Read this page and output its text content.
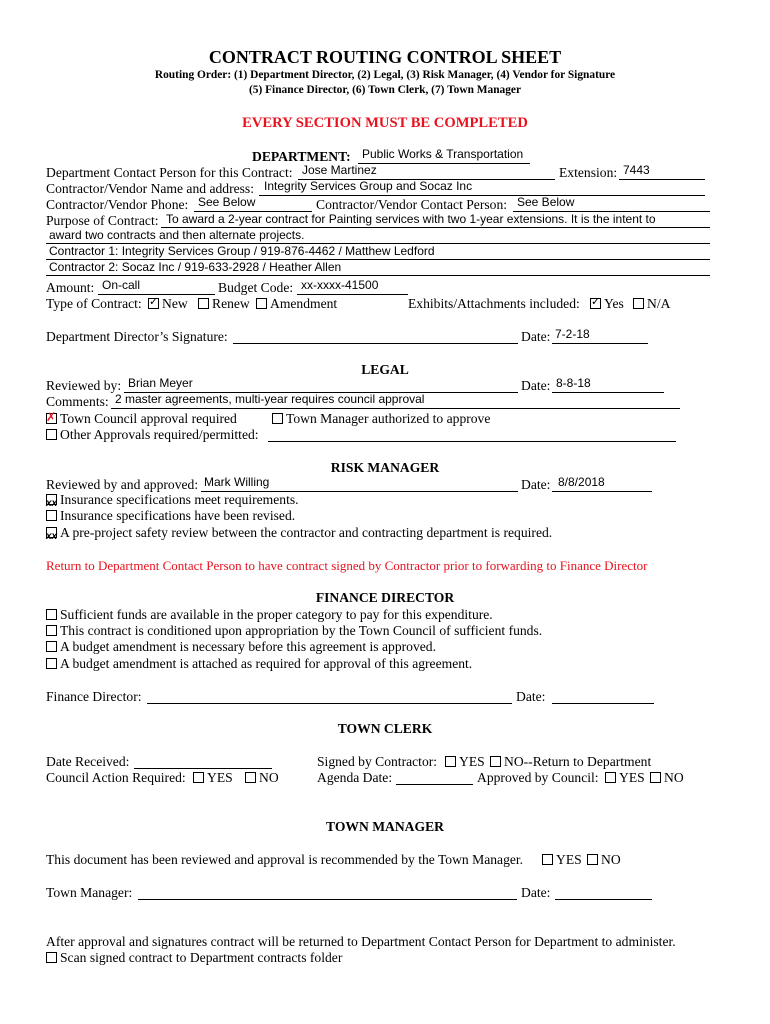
CONTRACT ROUTING CONTROL SHEET
Routing Order: (1) Department Director, (2) Legal, (3) Risk Manager, (4) Vendor for Signature
(5) Finance Director, (6) Town Clerk, (7) Town Manager
EVERY SECTION MUST BE COMPLETED
DEPARTMENT: Public Works & Transportation
Department Contact Person for this Contract: Jose Martinez	Extension: 7443
Contractor/Vendor Name and address: Integrity Services Group and Socaz Inc
Contractor/Vendor Phone: See Below	Contractor/Vendor Contact Person: See Below
Purpose of Contract: To award a 2-year contract for Painting services with two 1-year extensions. It is the intent to
award two contracts and then alternate projects.
Contractor 1: Integrity Services Group / 919-876-4462 / Matthew Ledford
Contractor 2: Socaz Inc / 919-633-2928 / Heather Allen
Amount: On-call	Budget Code: xx-xxxx-41500
Type of Contract: ✓	New	Renew	Amendment	Exhibits/Attachments included: ✓	Yes	N/A
Department Director’s Signature:	Date: 7-2-18
LEGAL
Reviewed by: Brian Meyer	Date: 8-8-18
Comments: 2 master agreements, multi-year requires council approval
✗ Town Council approval required	Town Manager authorized to approve
Other Approvals required/permitted:
RISK MANAGER
Reviewed by and approved: Mark Willing	Date: 8/8/2018
xx Insurance specifications meet requirements.
Insurance specifications have been revised.
xx A pre-project safety review between the contractor and contracting department is required.
Return to Department Contact Person to have contract signed by Contractor prior to forwarding to Finance Director
FINANCE DIRECTOR
Sufficient funds are available in the proper category to pay for this expenditure.
This contract is conditioned upon appropriation by the Town Council of sufficient funds.
A budget amendment is necessary before this agreement is approved.
A budget amendment is attached as required for approval of this agreement.
Finance Director:	Date:
TOWN CLERK
Date Received:	Signed by Contractor:	YES	NO--Return to Department
Council Action Required:	YES	NO	Agenda Date:	Approved by Council:	YES	NO
TOWN MANAGER
This document has been reviewed and approval is recommended by the Town Manager.	YES	NO
Town Manager:	Date:
After approval and signatures contract will be returned to Department Contact Person for Department to administer.
Scan signed contract to Department contracts folder
